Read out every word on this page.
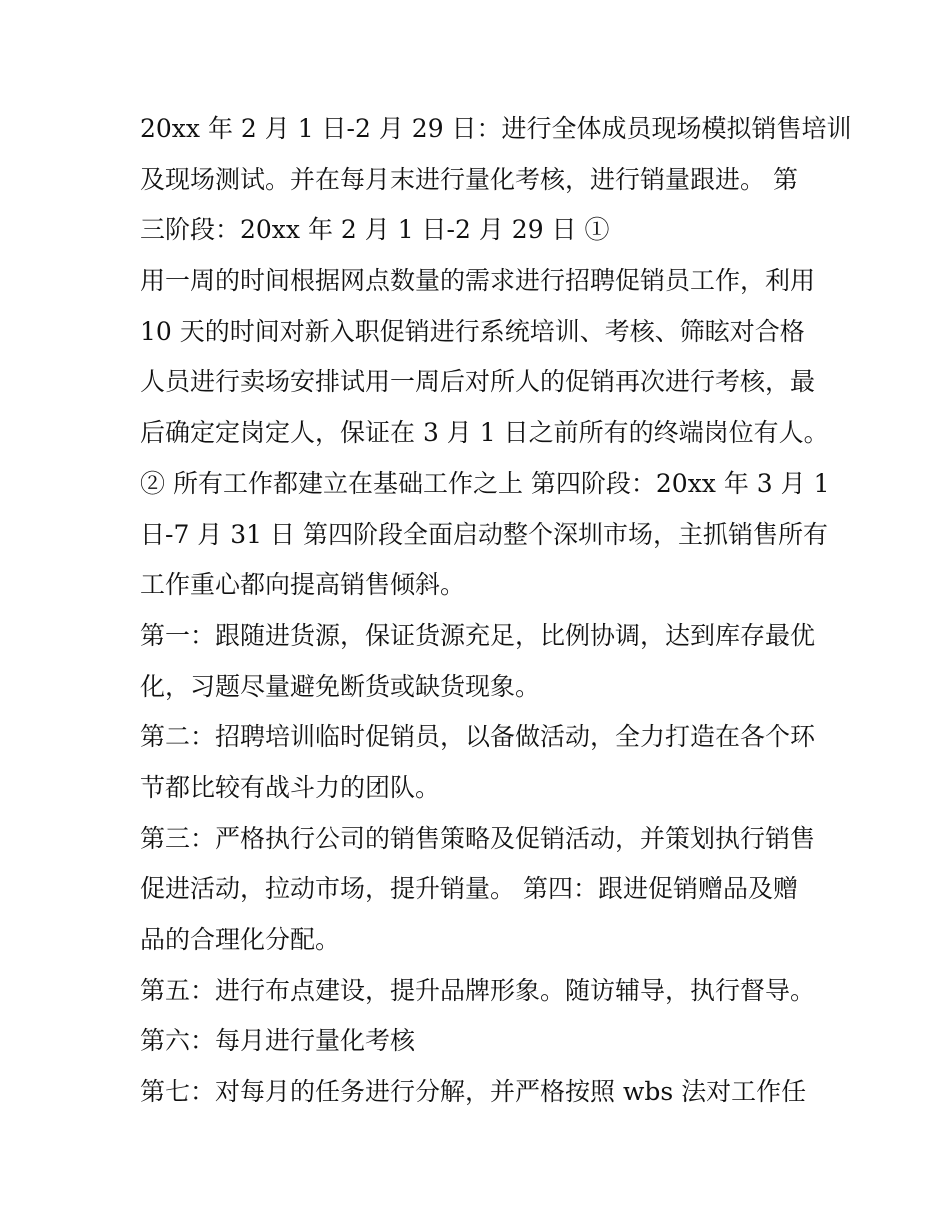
20xx 年 2 月 1 日-2 月 29 日：进行全体成员现场模拟销售培训
及现场测试。并在每月末进行量化考核，进行销量跟进。 第
三阶段：20xx 年 2 月 1 日-2 月 29 日 ①
用一周的时间根据网点数量的需求进行招聘促销员工作，利用
10 天的时间对新入职促销进行系统培训、考核、筛眩对合格
人员进行卖场安排试用一周后对所人的促销再次进行考核，最
后确定定岗定人，保证在 3 月 1 日之前所有的终端岗位有人。
② 所有工作都建立在基础工作之上 第四阶段：20xx 年 3 月 1
日-7 月 31 日 第四阶段全面启动整个深圳市场，主抓销售所有
工作重心都向提高销售倾斜。
第一：跟随进货源，保证货源充足，比例协调，达到库存最优
化，习题尽量避免断货或缺货现象。
第二：招聘培训临时促销员，以备做活动，全力打造在各个环
节都比较有战斗力的团队。
第三：严格执行公司的销售策略及促销活动，并策划执行销售
促进活动，拉动市场，提升销量。 第四：跟进促销赠品及赠
品的合理化分配。
第五：进行布点建设，提升品牌形象。随访辅导，执行督导。
第六：每月进行量化考核
第七：对每月的任务进行分解，并严格按照 wbs 法对工作任
